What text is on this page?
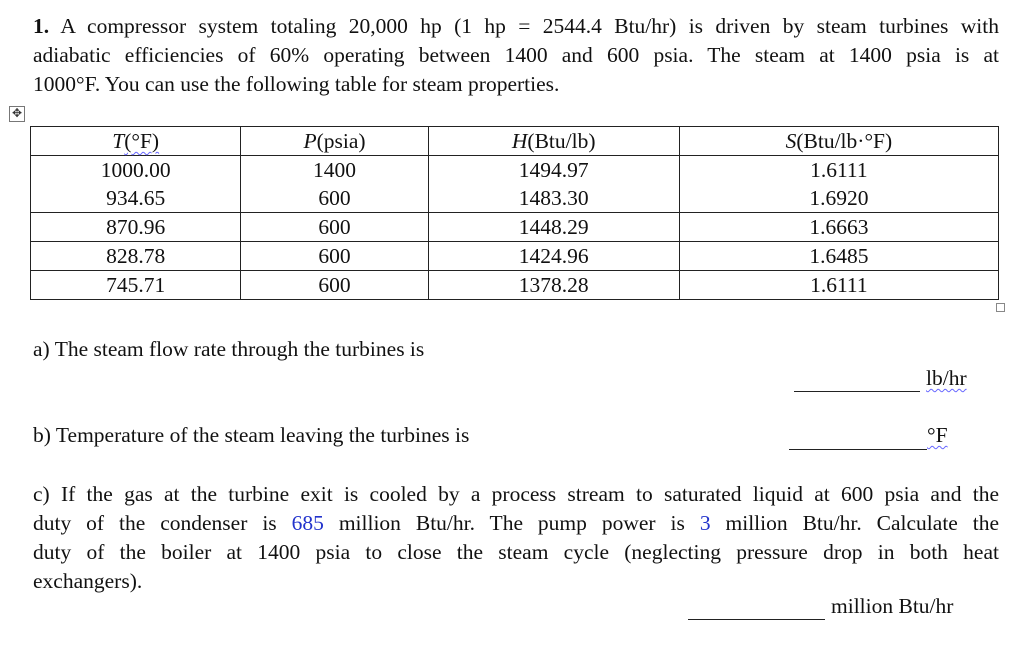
1. A compressor system totaling 20,000 hp (1 hp = 2544.4 Btu/hr) is driven by steam turbines with
adiabatic efficiencies of 60% operating between 1400 and 600 psia. The steam at 1400 psia is at
1000°F. You can use the following table for steam properties.
✥
T(°F)	P(psia)	H(Btu/lb)	S(Btu/lb·°F)
1000.00	1400	1494.97	1.6111
934.65	600	1483.30	1.6920
870.96	600	1448.29	1.6663
828.78	600	1424.96	1.6485
745.71	600	1378.28	1.6111
a) The steam flow rate through the turbines is
lb/hr
b) Temperature of the steam leaving the turbines is	°F
c) If the gas at the turbine exit is cooled by a process stream to saturated liquid at 600 psia and the
duty of the condenser is 685 million Btu/hr. The pump power is 3 million Btu/hr. Calculate the
duty of the boiler at 1400 psia to close the steam cycle (neglecting pressure drop in both heat
exchangers).
million Btu/hr
